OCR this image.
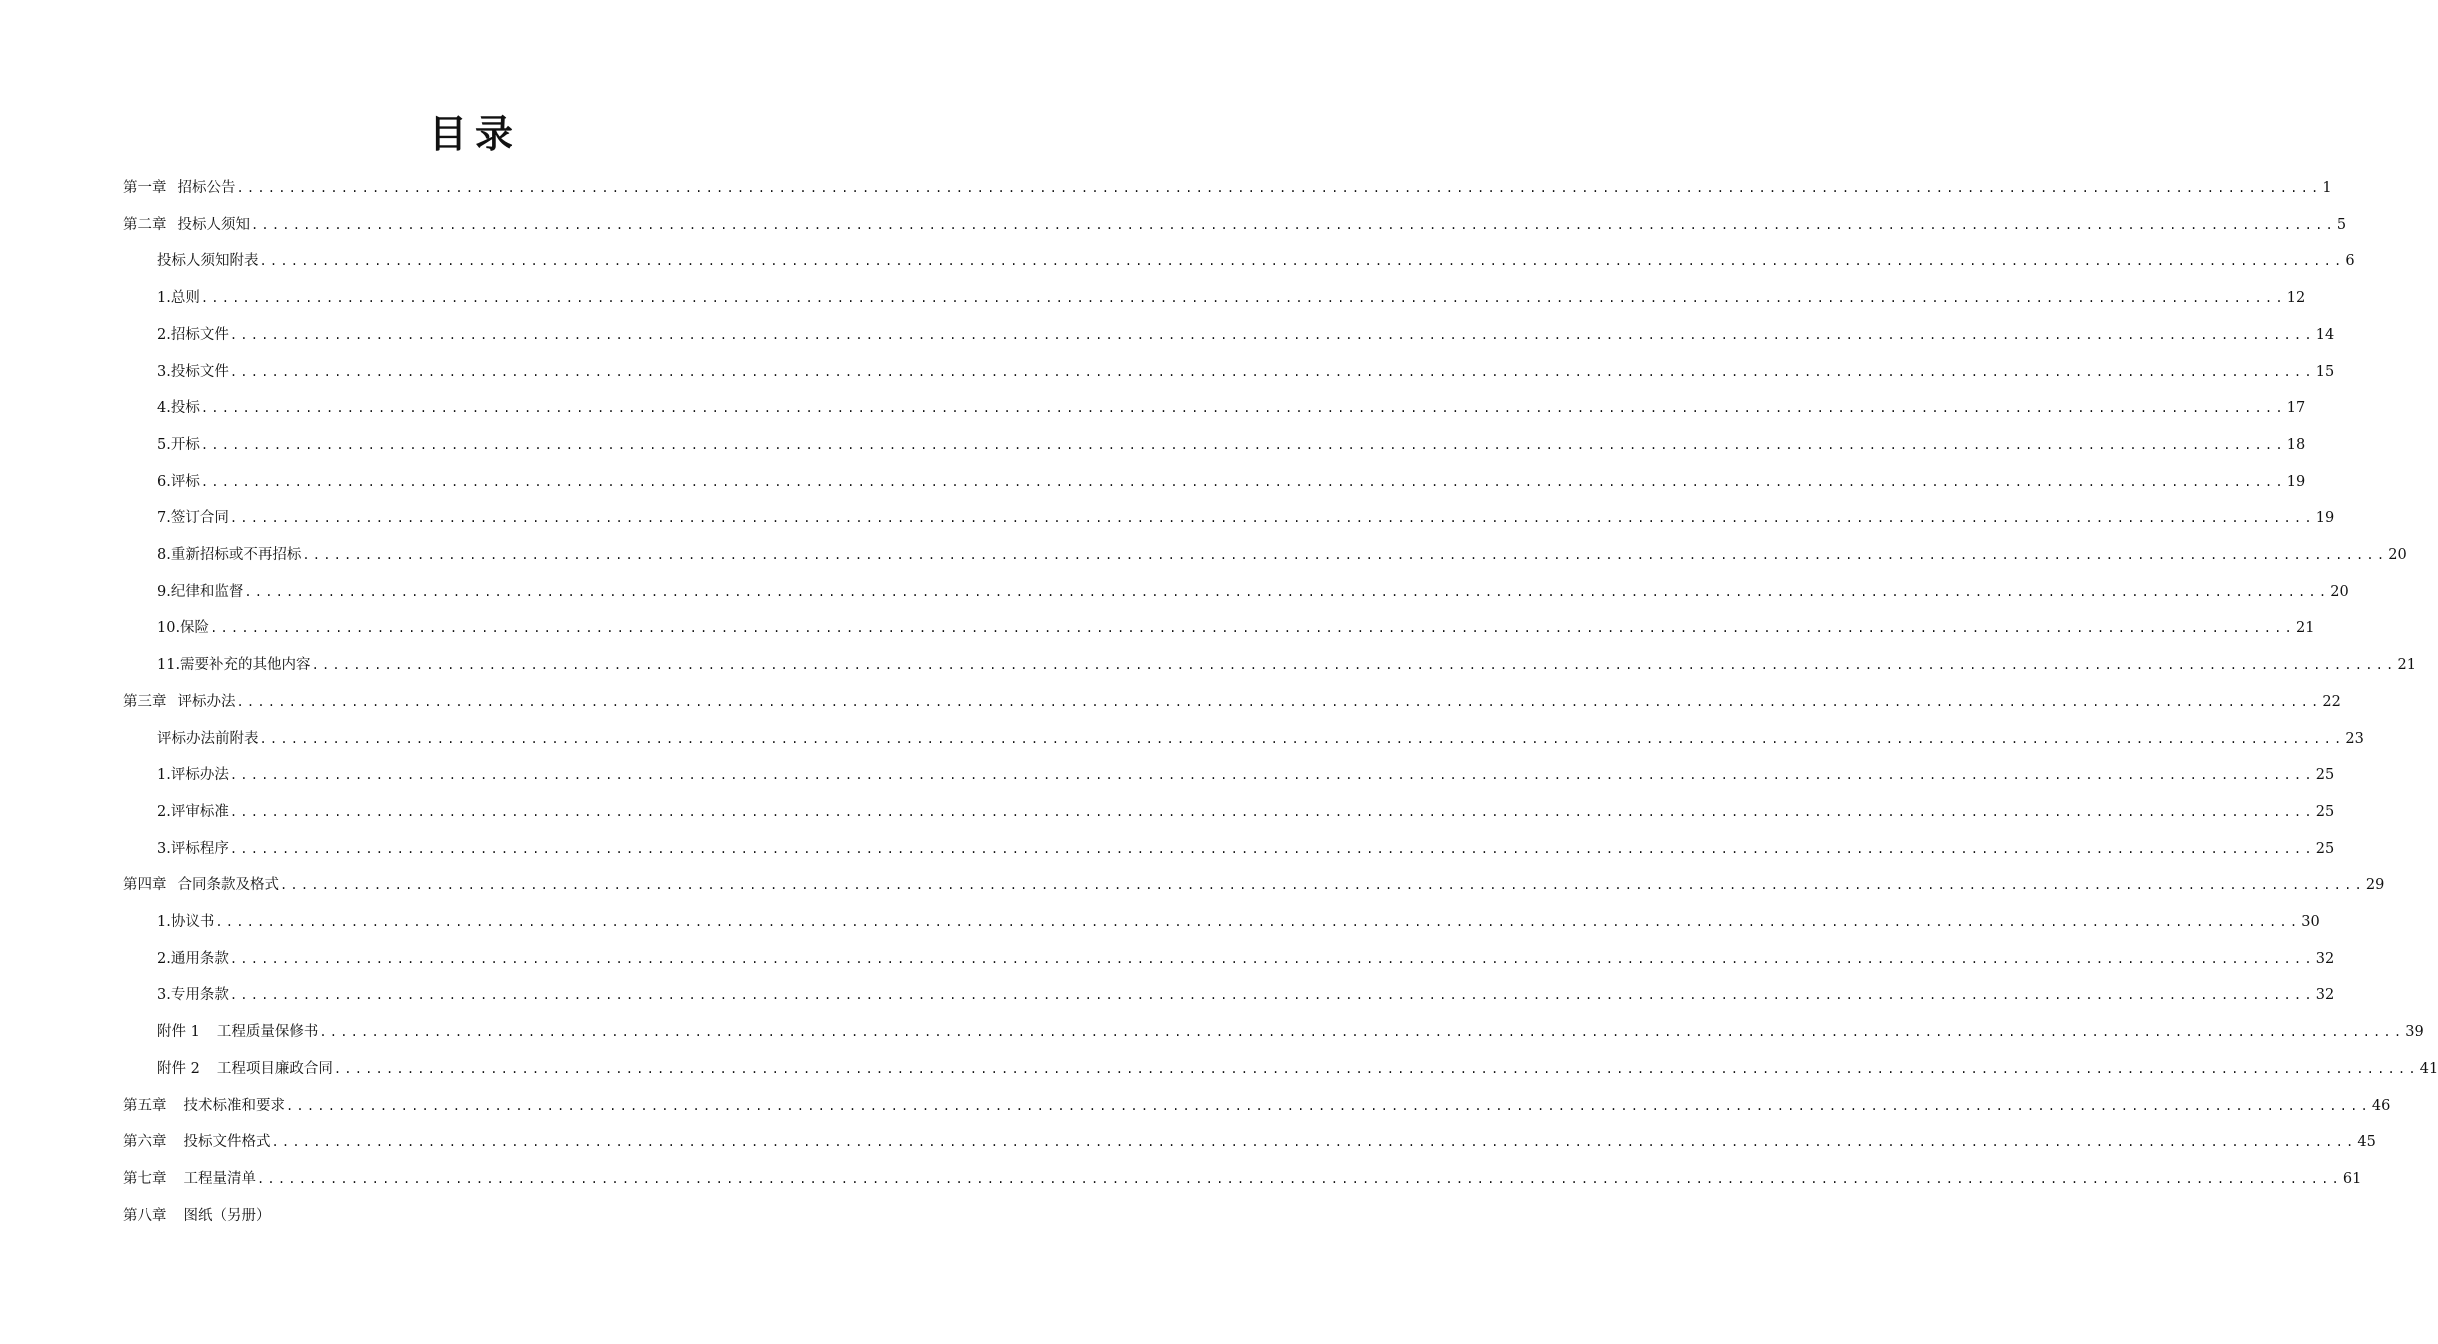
目录
第一章 招标公告 ........................................................................................................................................................................................................ 1
第二章 投标人须知 ........................................................................................................................................................................................................ 5
投标人须知附表 ........................................................................................................................................................................................................ 6
1.总则 ........................................................................................................................................................................................................ 12
2.招标文件 ........................................................................................................................................................................................................ 14
3.投标文件 ........................................................................................................................................................................................................ 15
4.投标 ........................................................................................................................................................................................................ 17
5.开标 ........................................................................................................................................................................................................ 18
6.评标 ........................................................................................................................................................................................................ 19
7.签订合同 ........................................................................................................................................................................................................ 19
8.重新招标或不再招标 ........................................................................................................................................................................................................ 20
9.纪律和监督 ........................................................................................................................................................................................................ 20
10.保险 ........................................................................................................................................................................................................ 21
11.需要补充的其他内容 ........................................................................................................................................................................................................ 21
第三章 评标办法 ........................................................................................................................................................................................................ 22
评标办法前附表 ........................................................................................................................................................................................................ 23
1.评标办法 ........................................................................................................................................................................................................ 25
2.评审标准 ........................................................................................................................................................................................................ 25
3.评标程序 ........................................................................................................................................................................................................ 25
第四章 合同条款及格式 ........................................................................................................................................................................................................ 29
1.协议书 ........................................................................................................................................................................................................ 30
2.通用条款 ........................................................................................................................................................................................................ 32
3.专用条款 ........................................................................................................................................................................................................ 32
附件 1 工程质量保修书 ........................................................................................................................................................................................................ 39
附件 2 工程项目廉政合同 ........................................................................................................................................................................................................ 41
第五章 技术标准和要求 ........................................................................................................................................................................................................ 46
第六章 投标文件格式 ........................................................................................................................................................................................................ 45
第七章 工程量清单 ........................................................................................................................................................................................................ 61
第八章 图纸（另册）
